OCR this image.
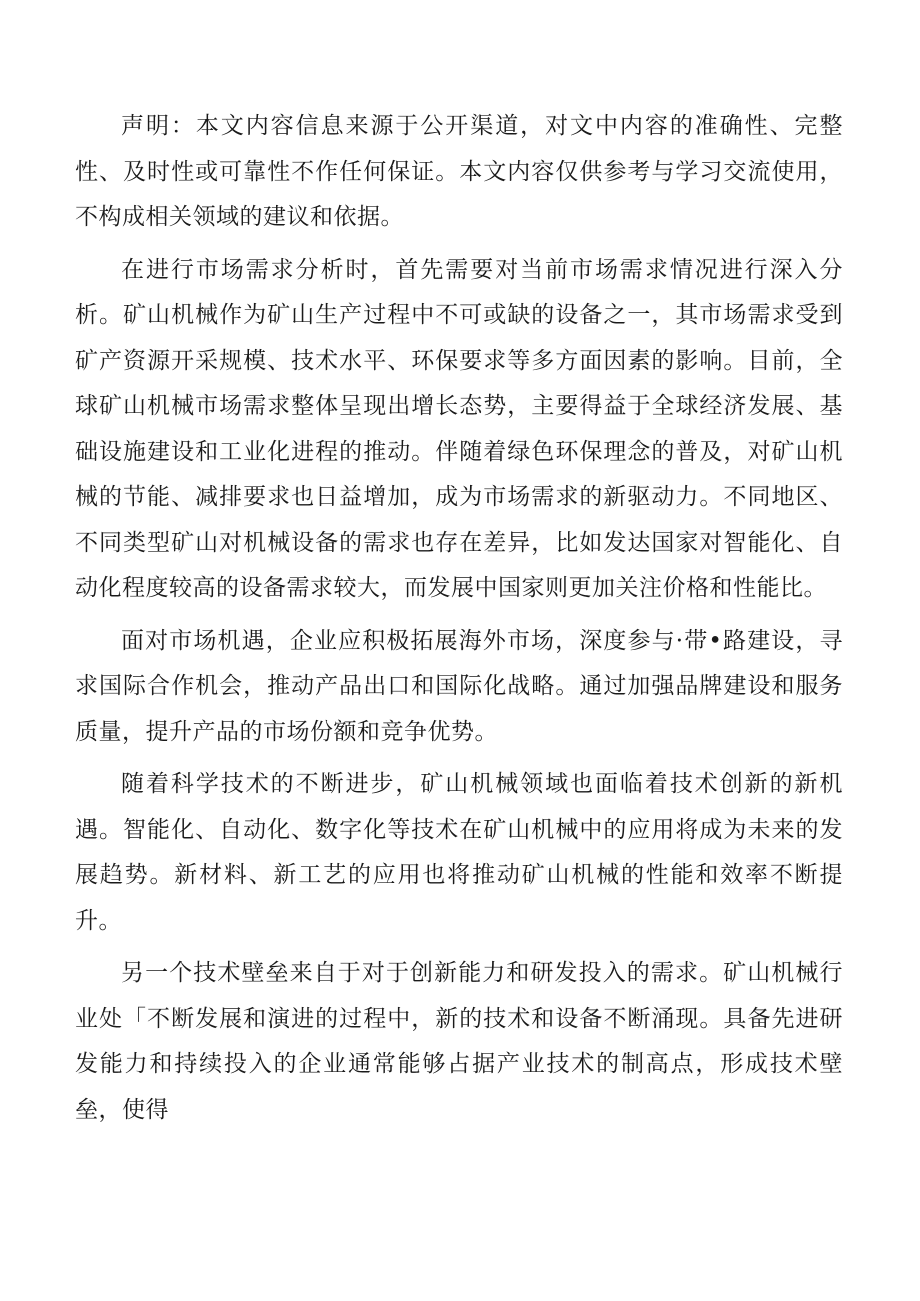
声明：本文内容信息来源于公开渠道，对文中内容的准确性、完整性、及时性或可靠性不作任何保证。本文内容仅供参考与学习交流使用，不构成相关领域的建议和依据。

在进行市场需求分析时，首先需要对当前市场需求情况进行深入分析。矿山机械作为矿山生产过程中不可或缺的设备之一，其市场需求受到矿产资源开采规模、技术水平、环保要求等多方面因素的影响。目前，全球矿山机械市场需求整体呈现出增长态势，主要得益于全球经济发展、基础设施建设和工业化进程的推动。伴随着绿色环保理念的普及，对矿山机械的节能、减排要求也日益增加，成为市场需求的新驱动力。不同地区、不同类型矿山对机械设备的需求也存在差异，比如发达国家对智能化、自动化程度较高的设备需求较大，而发展中国家则更加关注价格和性能比。

面对市场机遇，企业应积极拓展海外市场，深度参与·带•路建设，寻求国际合作机会，推动产品出口和国际化战略。通过加强品牌建设和服务质量，提升产品的市场份额和竞争优势。

随着科学技术的不断进步，矿山机械领域也面临着技术创新的新机遇。智能化、自动化、数字化等技术在矿山机械中的应用将成为未来的发展趋势。新材料、新工艺的应用也将推动矿山机械的性能和效率不断提升。

另一个技术壁垒来自于对于创新能力和研发投入的需求。矿山机械行业处「不断发展和演进的过程中，新的技术和设备不断涌现。具备先进研发能力和持续投入的企业通常能够占据产业技术的制高点，形成技术壁垒，使得
